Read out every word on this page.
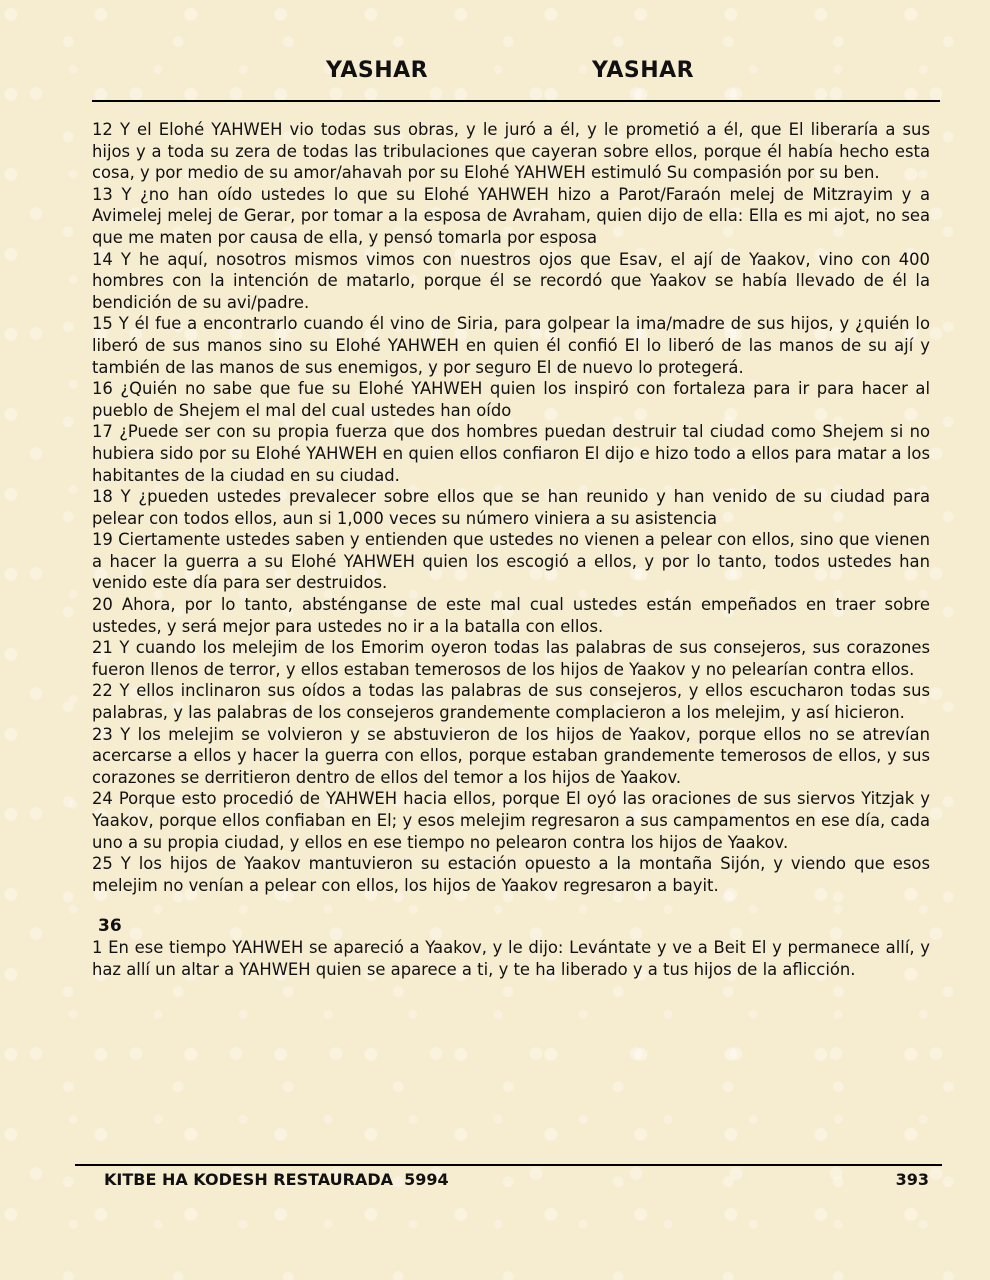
YASHAR	YASHAR

12 Y el Elohé YAHWEH vio todas sus obras, y le juró a él, y le prometió a él, que El liberaría a sus hijos y a toda su zera de todas las tribulaciones que cayeran sobre ellos, porque él había hecho esta cosa, y por medio de su amor/ahavah por su Elohé YAHWEH estimuló Su compasión por su ben.

13 Y ¿no han oído ustedes lo que su Elohé YAHWEH hizo a Parot/Faraón melej de Mitzrayim y a Avimelej melej de Gerar, por tomar a la esposa de Avraham, quien dijo de ella: Ella es mi ajot, no sea que me maten por causa de ella, y pensó tomarla por esposa

14 Y he aquí, nosotros mismos vimos con nuestros ojos que Esav, el ají de Yaakov, vino con 400 hombres con la intención de matarlo, porque él se recordó que Yaakov se había llevado de él la bendición de su avi/padre.

15 Y él fue a encontrarlo cuando él vino de Siria, para golpear la ima/madre de sus hijos, y ¿quién lo liberó de sus manos sino su Elohé YAHWEH en quien él confió El lo liberó de las manos de su ají y también de las manos de sus enemigos, y por seguro El de nuevo lo protegerá.

16 ¿Quién no sabe que fue su Elohé YAHWEH quien los inspiró con fortaleza para ir para hacer al pueblo de Shejem el mal del cual ustedes han oído

17 ¿Puede ser con su propia fuerza que dos hombres puedan destruir tal ciudad como Shejem si no hubiera sido por su Elohé YAHWEH en quien ellos confiaron El dijo e hizo todo a ellos para matar a los habitantes de la ciudad en su ciudad.

18 Y ¿pueden ustedes prevalecer sobre ellos que se han reunido y han venido de su ciudad para pelear con todos ellos, aun si 1,000 veces su número viniera a su asistencia

19 Ciertamente ustedes saben y entienden que ustedes no vienen a pelear con ellos, sino que vienen a hacer la guerra a su Elohé YAHWEH quien los escogió a ellos, y por lo tanto, todos ustedes han venido este día para ser destruidos.

20 Ahora, por lo tanto, absténganse de este mal cual ustedes están empeñados en traer sobre ustedes, y será mejor para ustedes no ir a la batalla con ellos.

21 Y cuando los melejim de los Emorim oyeron todas las palabras de sus consejeros, sus corazones fueron llenos de terror, y ellos estaban temerosos de los hijos de Yaakov y no pelearían contra ellos.

22 Y ellos inclinaron sus oídos a todas las palabras de sus consejeros, y ellos escucharon todas sus palabras, y las palabras de los consejeros grandemente complacieron a los melejim, y así hicieron.

23 Y los melejim se volvieron y se abstuvieron de los hijos de Yaakov, porque ellos no se atrevían acercarse a ellos y hacer la guerra con ellos, porque estaban grandemente temerosos de ellos, y sus corazones se derritieron dentro de ellos del temor a los hijos de Yaakov.

24 Porque esto procedió de YAHWEH hacia ellos, porque El oyó las oraciones de sus siervos Yitzjak y Yaakov, porque ellos confiaban en El; y esos melejim regresaron a sus campamentos en ese día, cada uno a su propia ciudad, y ellos en ese tiempo no pelearon contra los hijos de Yaakov.

25 Y los hijos de Yaakov mantuvieron su estación opuesto a la montaña Sijón, y viendo que esos melejim no venían a pelear con ellos, los hijos de Yaakov regresaron a bayit.

36

1 En ese tiempo YAHWEH se apareció a Yaakov, y le dijo: Levántate y ve a Beit El y permanece allí, y haz allí un altar a YAHWEH quien se aparece a ti, y te ha liberado y a tus hijos de la aflicción.

KITBE HA KODESH RESTAURADA  5994	393
